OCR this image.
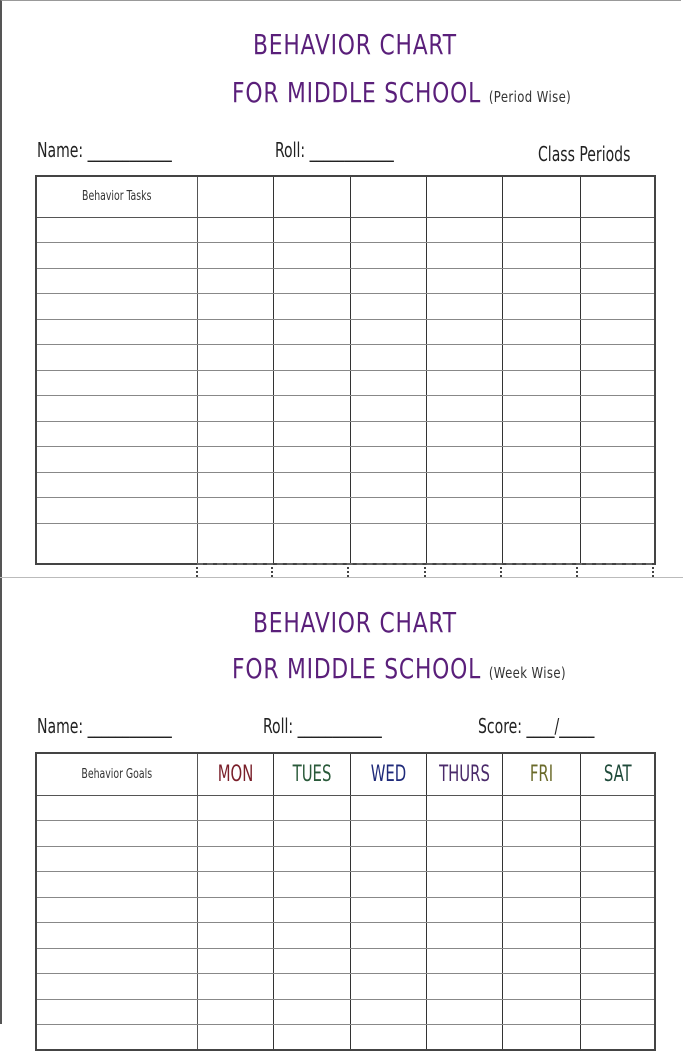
BEHAVIOR CHART
FOR MIDDLE SCHOOL (Period Wise)
Name: ____________	Roll: ____________	Class Periods
Behavior Tasks						

BEHAVIOR CHART
FOR MIDDLE SCHOOL (Week Wise)
Name: ____________	Roll: ____________	Score: ____/_____
Behavior Goals	MON	TUES	WED	THURS	FRI	SAT
